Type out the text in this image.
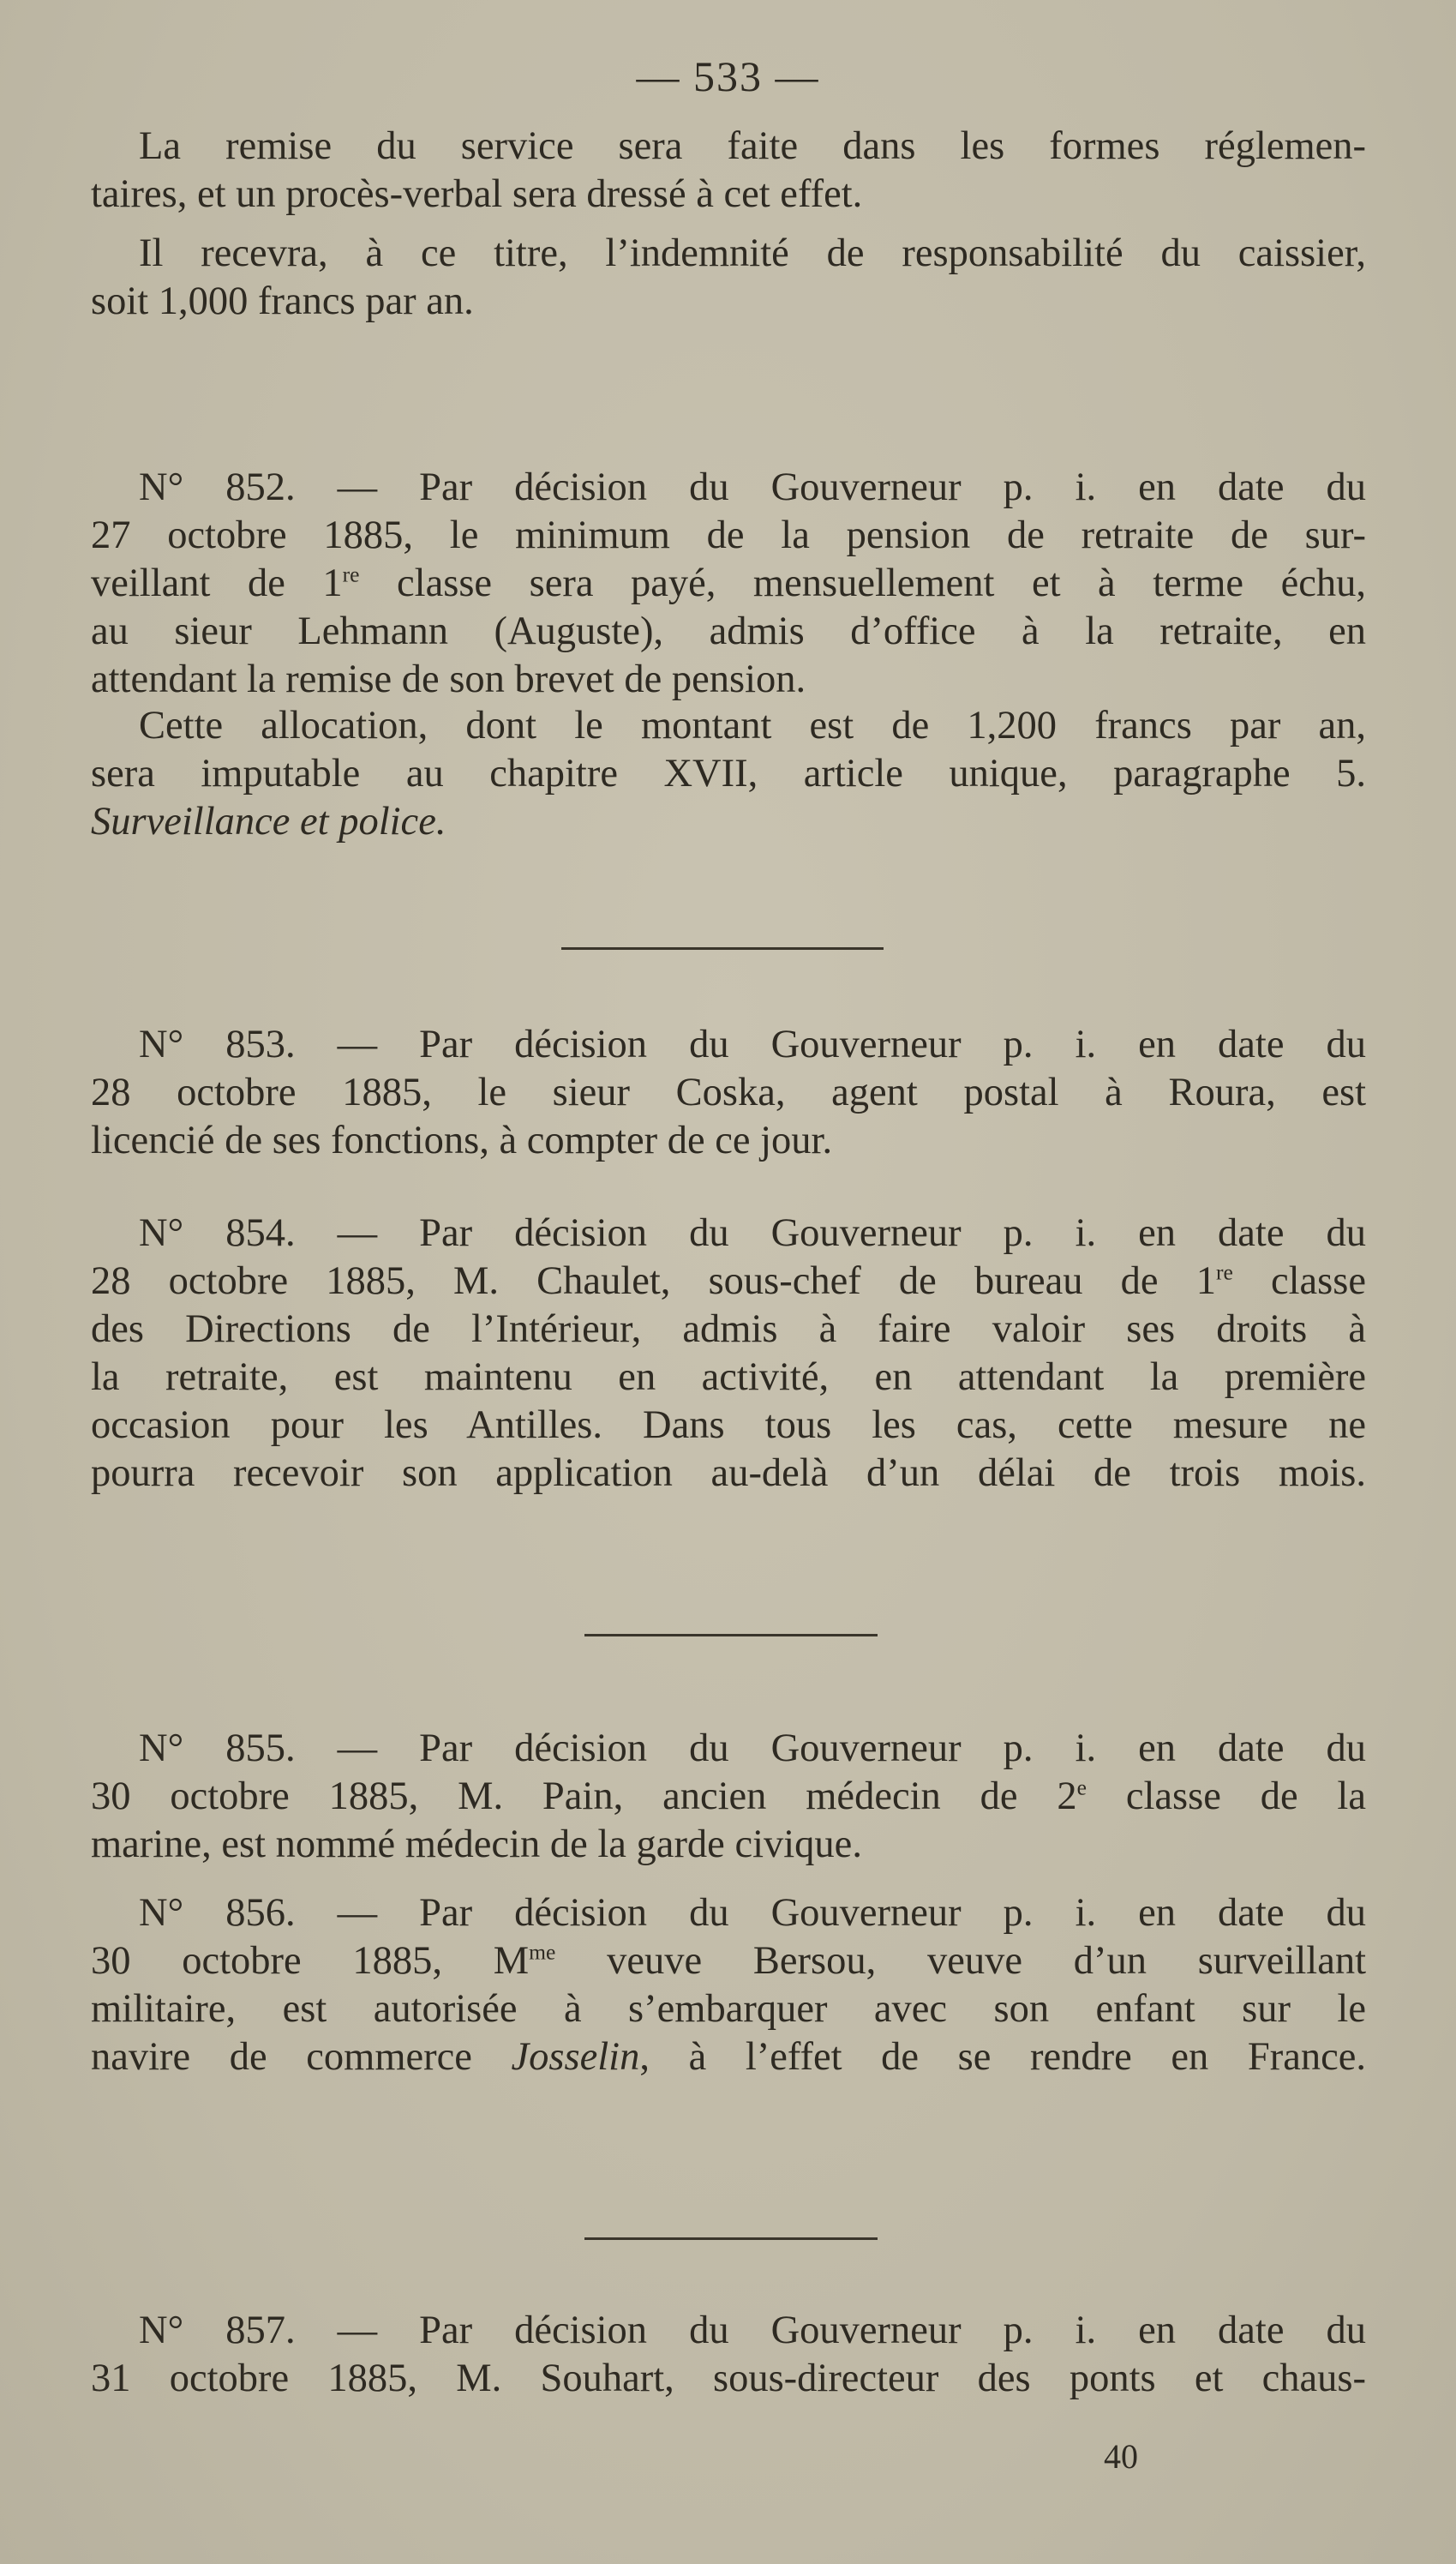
— 533 —
La remise du service sera faite dans les formes réglemen-
taires, et un procès-verbal sera dressé à cet effet.
Il recevra, à ce titre, l’indemnité de responsabilité du caissier,
soit 1,000 francs par an.
N° 852. — Par décision du Gouverneur p. i. en date du
27 octobre 1885, le minimum de la pension de retraite de sur-
veillant de 1re classe sera payé, mensuellement et à terme échu,
au sieur Lehmann (Auguste), admis d’office à la retraite, en
attendant la remise de son brevet de pension.
Cette allocation, dont le montant est de 1,200 francs par an,
sera imputable au chapitre XVII, article unique, paragraphe 5.
Surveillance et police.
N° 853. — Par décision du Gouverneur p. i. en date du
28 octobre 1885, le sieur Coska, agent postal à Roura, est
licencié de ses fonctions, à compter de ce jour.
N° 854. — Par décision du Gouverneur p. i. en date du
28 octobre 1885, M. Chaulet, sous-chef de bureau de 1re classe
des Directions de l’Intérieur, admis à faire valoir ses droits à
la retraite, est maintenu en activité, en attendant la première
occasion pour les Antilles. Dans tous les cas, cette mesure ne
pourra recevoir son application au-delà d’un délai de trois mois.
N° 855. — Par décision du Gouverneur p. i. en date du
30 octobre 1885, M. Pain, ancien médecin de 2e classe de la
marine, est nommé médecin de la garde civique.
N° 856. — Par décision du Gouverneur p. i. en date du
30 octobre 1885, $M^{me}$ veuve Bersou, veuve d’un surveillant
militaire, est autorisée à s’embarquer avec son enfant sur le
navire de commerce Josselin, à l’effet de se rendre en France.
N° 857. — Par décision du Gouverneur p. i. en date du
31 octobre 1885, M. Souhart, sous-directeur des ponts et chaus-
40
